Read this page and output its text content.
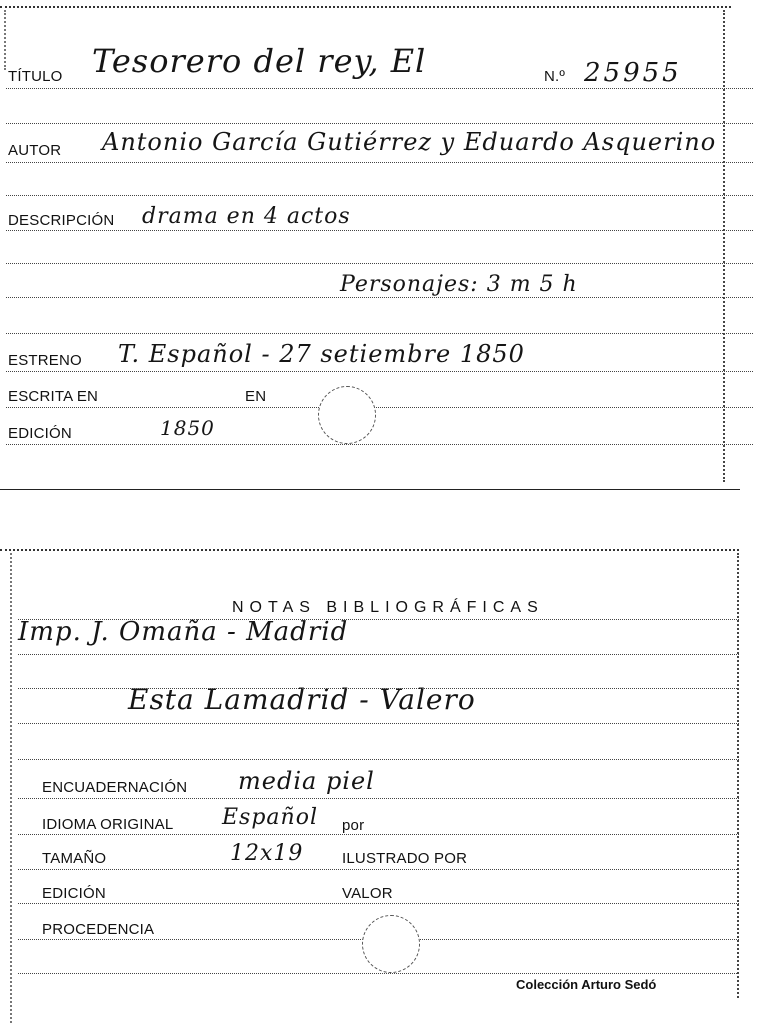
TÍTULO Tesorero del rey, El	N.º 25955
AUTOR Antonio García Gutiérrez y Eduardo Asquerino
DESCRIPCIÓN drama en 4 actos
Personajes: 3 m 5 h
ESTRENO T. Español - 27 setiembre 1850
ESCRITA EN	EN
EDICIÓN	1850
NOTAS BIBLIOGRÁFICAS
Imp. J. Omaña - Madrid
Esta Lamadrid - Valero
ENCUADERNACIÓN media piel
IDIOMA ORIGINAL Español por
TAMAÑO	12x19	ILUSTRADO POR
EDICIÓN	VALOR
PROCEDENCIA
Colección Arturo Sedó
